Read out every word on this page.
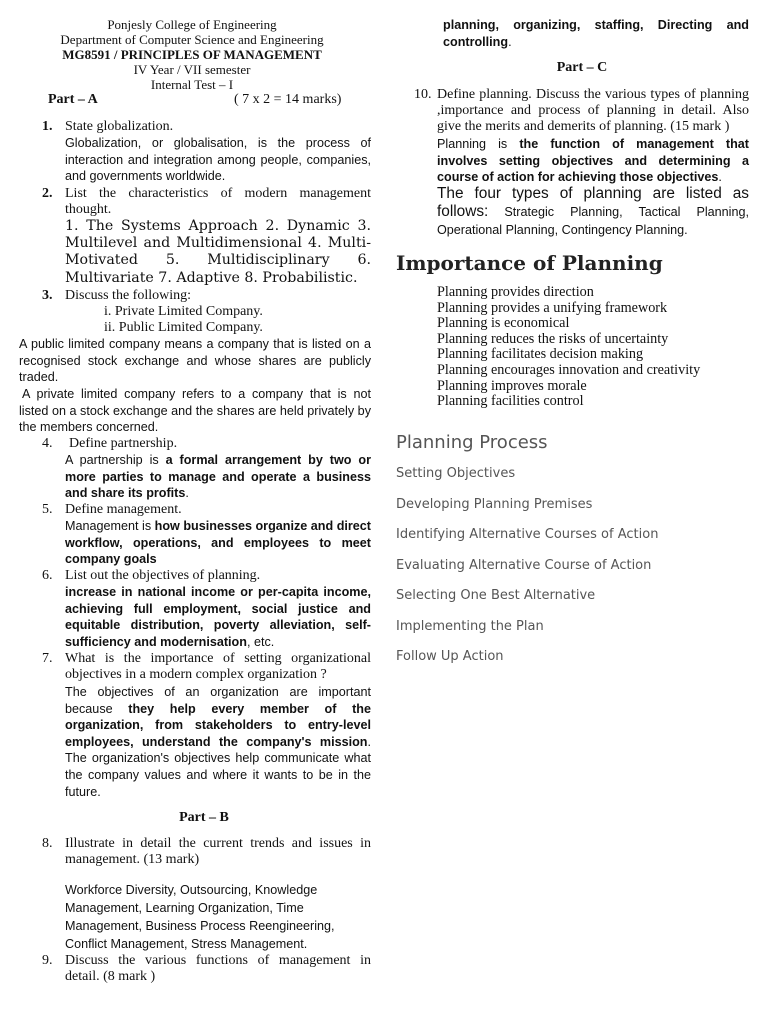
Ponjesly College of Engineering
Department of Computer Science and Engineering
MG8591 / PRINCIPLES OF MANAGEMENT
IV Year / VII semester
Internal Test – I
Part – A	( 7 x 2 = 14 marks)
1. State globalization.

Globalization, or globalisation, is the process of interaction and integration among people, companies, and governments worldwide.

2. List the characteristics of modern management thought.

1. The Systems Approach 2. Dynamic 3. Multilevel and Multidimensional 4. Multi-Motivated 5. Multidisciplinary 6. Multivariate 7. Adaptive 8. Probabilistic.

3. Discuss the following:
i. Private Limited Company.
ii. Public Limited Company.

A public limited company means a company that is listed on a recognised stock exchange and whose shares are publicly traded.

A private limited company refers to a company that is not listed on a stock exchange and the shares are held privately by the members concerned.

4. Define partnership.

A partnership is a formal arrangement by two or more parties to manage and operate a business and share its profits.

5. Define management.

Management is how businesses organize and direct workflow, operations, and employees to meet company goals

6. List out the objectives of planning.

increase in national income or per-capita income, achieving full employment, social justice and equitable distribution, poverty alleviation, self-sufficiency and modernisation, etc.

7. What is the importance of setting organizational objectives in a modern complex organization ?

The objectives of an organization are important because they help every member of the organization, from stakeholders to entry-level employees, understand the company's mission. The organization's objectives help communicate what the company values and where it wants to be in the future.

Part – B
8. Illustrate in detail the current trends and issues in management. (13 mark)

Workforce Diversity, Outsourcing, Knowledge Management, Learning Organization, Time Management, Business Process Reengineering, Conflict Management, Stress Management.

9. Discuss the various functions of management in detail. (8 mark )

planning, organizing, staffing, Directing and controlling.

Part – C
10. Define planning. Discuss the various types of planning ,importance and process of planning in detail. Also give the merits and demerits of planning. (15 mark )

Planning is the function of management that involves setting objectives and determining a course of action for achieving those objectives.

The four types of planning are listed as follows: Strategic Planning, Tactical Planning, Operational Planning, Contingency Planning.

Importance of Planning
Planning provides direction
Planning provides a unifying framework
Planning is economical
Planning reduces the risks of uncertainty
Planning facilitates decision making
Planning encourages innovation and creativity
Planning improves morale
Planning facilities control
Planning Process
Setting Objectives
Developing Planning Premises
Identifying Alternative Courses of Action
Evaluating Alternative Course of Action
Selecting One Best Alternative
Implementing the Plan
Follow Up Action
